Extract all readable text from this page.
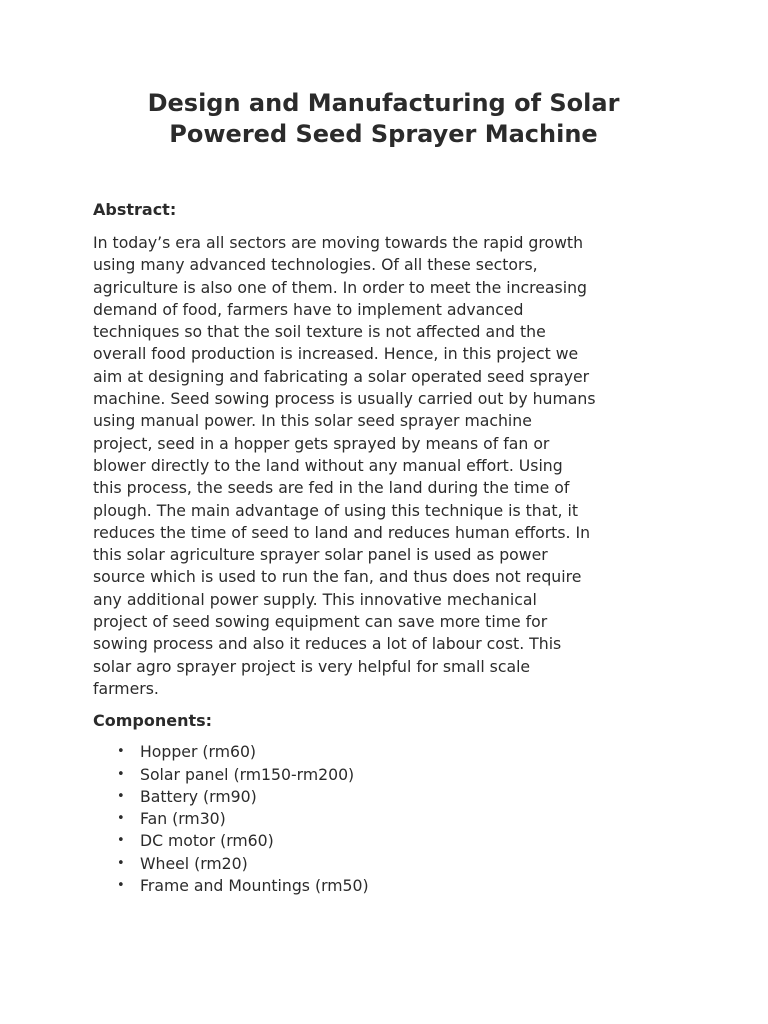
Design and Manufacturing of Solar
Powered Seed Sprayer Machine
Abstract:

In today’s era all sectors are moving towards the rapid growth
using many advanced technologies. Of all these sectors,
agriculture is also one of them. In order to meet the increasing
demand of food, farmers have to implement advanced
techniques so that the soil texture is not affected and the
overall food production is increased. Hence, in this project we
aim at designing and fabricating a solar operated seed sprayer
machine. Seed sowing process is usually carried out by humans
using manual power. In this solar seed sprayer machine
project, seed in a hopper gets sprayed by means of fan or
blower directly to the land without any manual effort. Using
this process, the seeds are fed in the land during the time of
plough. The main advantage of using this technique is that, it
reduces the time of seed to land and reduces human efforts. In
this solar agriculture sprayer solar panel is used as power
source which is used to run the fan, and thus does not require
any additional power supply. This innovative mechanical
project of seed sowing equipment can save more time for
sowing process and also it reduces a lot of labour cost. This
solar agro sprayer project is very helpful for small scale
farmers.

Components:
• Hopper (rm60)
• Solar panel (rm150-rm200)
• Battery (rm90)
• Fan (rm30)
• DC motor (rm60)
• Wheel (rm20)
• Frame and Mountings (rm50)
